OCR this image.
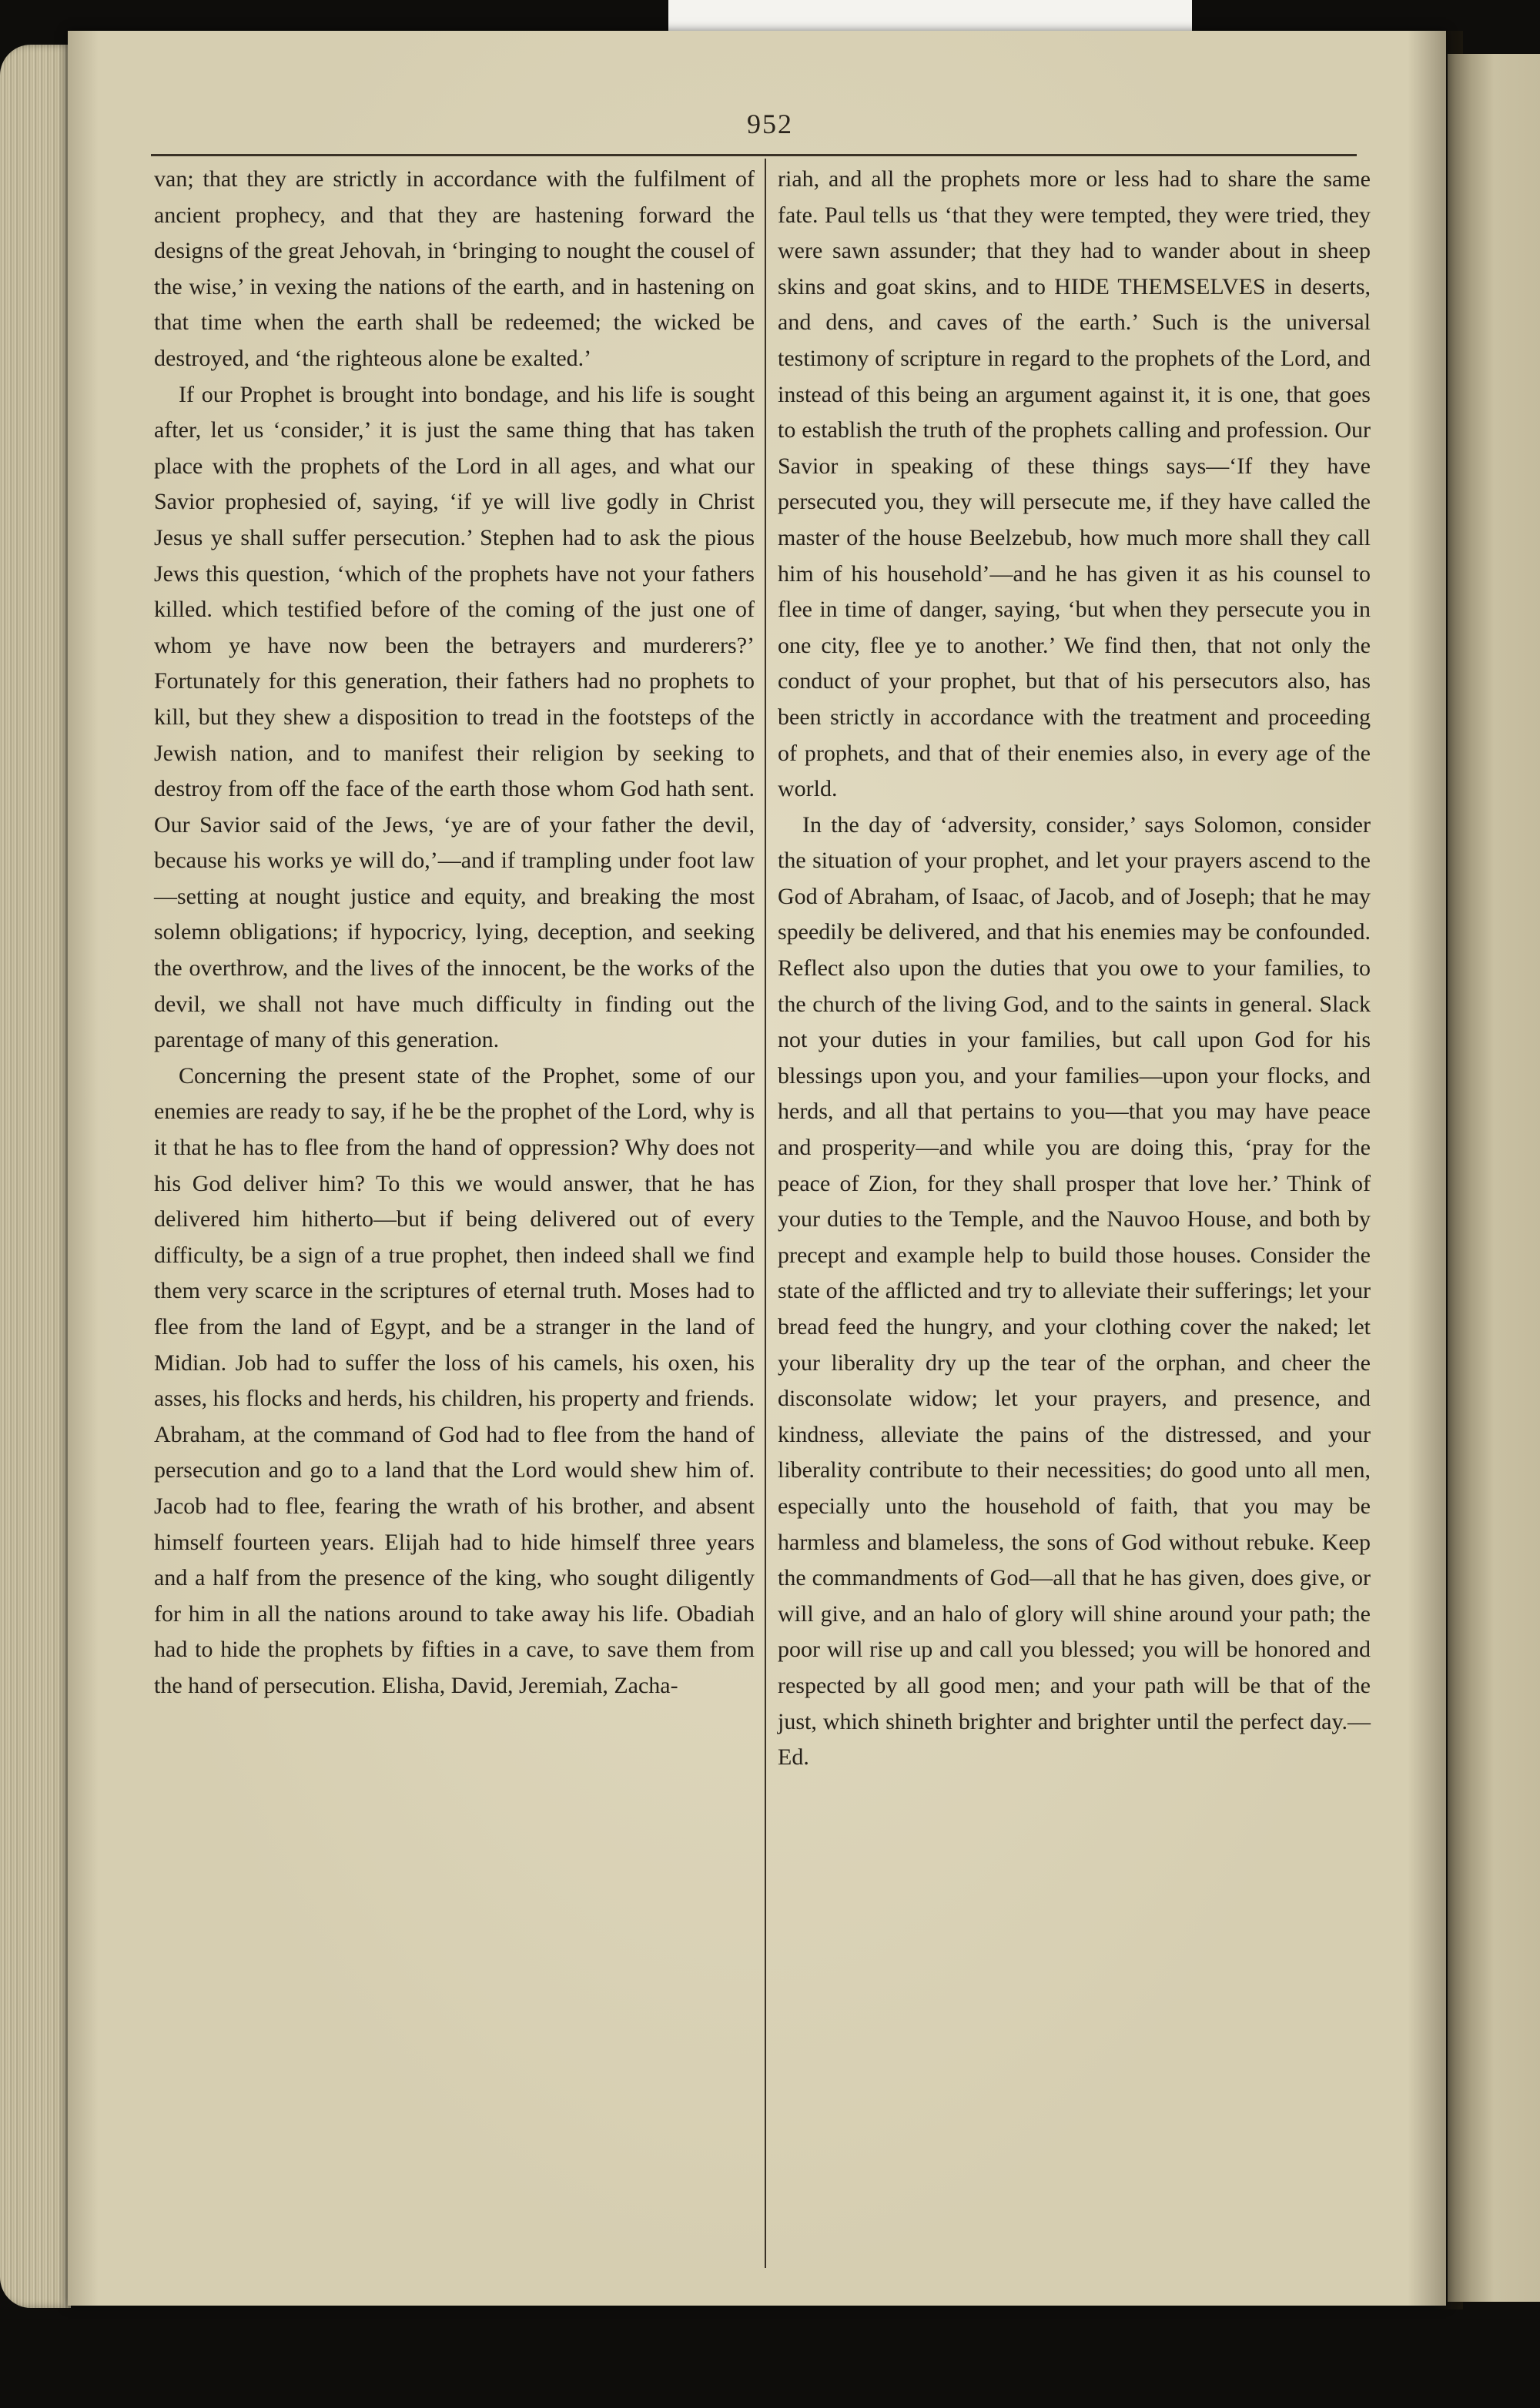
952

van; that they are strictly in accordance with the fulfilment of ancient prophecy, and that they are hastening forward the designs of the great Jehovah, in ‘bringing to nought the cousel of the wise,’ in vexing the nations of the earth, and in hastening on that time when the earth shall be redeemed; the wicked be destroyed, and ‘the righteous alone be exalted.’

If our Prophet is brought into bondage, and his life is sought after, let us ‘consider,’ it is just the same thing that has taken place with the prophets of the Lord in all ages, and what our Savior prophesied of, saying, ‘if ye will live godly in Christ Jesus ye shall suffer persecution.’ Stephen had to ask the pious Jews this question, ‘which of the prophets have not your fathers killed. which testified before of the coming of the just one of whom ye have now been the betrayers and murderers?’ Fortunately for this generation, their fathers had no prophets to kill, but they shew a disposition to tread in the footsteps of the Jewish nation, and to manifest their religion by seeking to destroy from off the face of the earth those whom God hath sent. Our Savior said of the Jews, ‘ye are of your father the devil, because his works ye will do,’—and if trampling under foot law—setting at nought justice and equity, and breaking the most solemn obligations; if hypocricy, lying, deception, and seeking the overthrow, and the lives of the innocent, be the works of the devil, we shall not have much difficulty in finding out the parentage of many of this generation.

Concerning the present state of the Prophet, some of our enemies are ready to say, if he be the prophet of the Lord, why is it that he has to flee from the hand of oppression? Why does not his God deliver him? To this we would answer, that he has delivered him hitherto—but if being delivered out of every difficulty, be a sign of a true prophet, then indeed shall we find them very scarce in the scriptures of eternal truth. Moses had to flee from the land of Egypt, and be a stranger in the land of Midian. Job had to suffer the loss of his camels, his oxen, his asses, his flocks and herds, his children, his property and friends. Abraham, at the command of God had to flee from the hand of persecution and go to a land that the Lord would shew him of. Jacob had to flee, fearing the wrath of his brother, and absent himself fourteen years. Elijah had to hide himself three years and a half from the presence of the king, who sought diligently for him in all the nations around to take away his life. Obadiah had to hide the prophets by fifties in a cave, to save them from the hand of persecution. Elisha, David, Jeremiah, Zacha-

riah, and all the prophets more or less had to share the same fate. Paul tells us ‘that they were tempted, they were tried, they were sawn assunder; that they had to wander about in sheep skins and goat skins, and to HIDE THEMSELVES in deserts, and dens, and caves of the earth.’ Such is the universal testimony of scripture in regard to the prophets of the Lord, and instead of this being an argument against it, it is one, that goes to establish the truth of the prophets calling and profession. Our Savior in speaking of these things says—‘If they have persecuted you, they will persecute me, if they have called the master of the house Beelzebub, how much more shall they call him of his household’—and he has given it as his counsel to flee in time of danger, saying, ‘but when they persecute you in one city, flee ye to another.’ We find then, that not only the conduct of your prophet, but that of his persecutors also, has been strictly in accordance with the treatment and proceeding of prophets, and that of their enemies also, in every age of the world.

In the day of ‘adversity, consider,’ says Solomon, consider the situation of your prophet, and let your prayers ascend to the God of Abraham, of Isaac, of Jacob, and of Joseph; that he may speedily be delivered, and that his enemies may be confounded. Reflect also upon the duties that you owe to your families, to the church of the living God, and to the saints in general. Slack not your duties in your families, but call upon God for his blessings upon you, and your families—upon your flocks, and herds, and all that pertains to you—that you may have peace and prosperity—and while you are doing this, ‘pray for the peace of Zion, for they shall prosper that love her.’ Think of your duties to the Temple, and the Nauvoo House, and both by precept and example help to build those houses. Consider the state of the afflicted and try to alleviate their sufferings; let your bread feed the hungry, and your clothing cover the naked; let your liberality dry up the tear of the orphan, and cheer the disconsolate widow; let your prayers, and presence, and kindness, alleviate the pains of the distressed, and your liberality contribute to their necessities; do good unto all men, especially unto the household of faith, that you may be harmless and blameless, the sons of God without rebuke. Keep the commandments of God—all that he has given, does give, or will give, and an halo of glory will shine around your path; the poor will rise up and call you blessed; you will be honored and respected by all good men; and your path will be that of the just, which shineth brighter and brighter until the perfect day.—Ed.
